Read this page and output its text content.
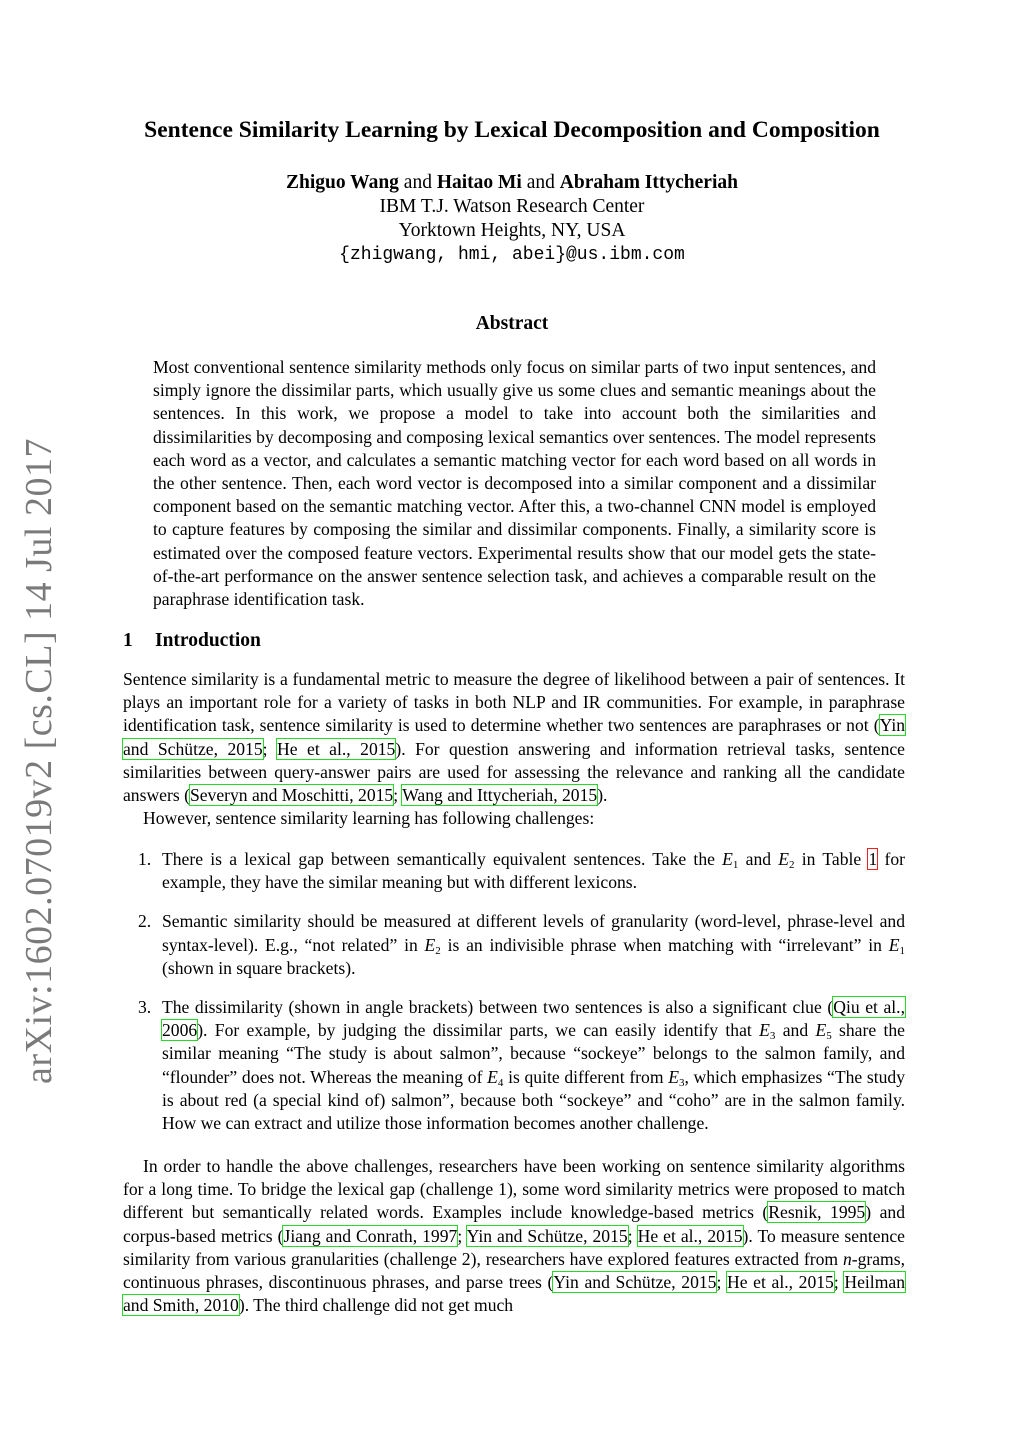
arXiv:1602.07019v2 [cs.CL] 14 Jul 2017
Sentence Similarity Learning by Lexical Decomposition and Composition
Zhiguo Wang and Haitao Mi and Abraham Ittycheriah
IBM T.J. Watson Research Center
Yorktown Heights, NY, USA
{zhigwang, hmi, abei}@us.ibm.com
Abstract
Most conventional sentence similarity methods only focus on similar parts of two input sentences, and simply ignore the dissimilar parts, which usually give us some clues and semantic meanings about the sentences. In this work, we propose a model to take into account both the similarities and dissimilarities by decomposing and composing lexical semantics over sentences. The model represents each word as a vector, and calculates a semantic matching vector for each word based on all words in the other sentence. Then, each word vector is decomposed into a similar component and a dissimilar component based on the semantic matching vector. After this, a two-channel CNN model is employed to capture features by composing the similar and dissimilar components. Finally, a similarity score is estimated over the composed feature vectors. Experimental results show that our model gets the state-of-the-art performance on the answer sentence selection task, and achieves a comparable result on the paraphrase identification task.
1 Introduction

Sentence similarity is a fundamental metric to measure the degree of likelihood between a pair of sentences. It plays an important role for a variety of tasks in both NLP and IR communities. For example, in paraphrase identification task, sentence similarity is used to determine whether two sentences are paraphrases or not (Yin and Schütze, 2015; He et al., 2015). For question answering and information retrieval tasks, sentence similarities between query-answer pairs are used for assessing the relevance and ranking all the candidate answers (Severyn and Moschitti, 2015; Wang and Ittycheriah, 2015).

However, sentence similarity learning has following challenges:

1. There is a lexical gap between semantically equivalent sentences. Take the $E_1$ and $E_2$ in Table 1 for example, they have the similar meaning but with different lexicons.
2. Semantic similarity should be measured at different levels of granularity (word-level, phrase-level and syntax-level). E.g., “not related” in $E_2$ is an indivisible phrase when matching with “irrelevant” in $E_1$ (shown in square brackets).
3. The dissimilarity (shown in angle brackets) between two sentences is also a significant clue (Qiu et al., 2006). For example, by judging the dissimilar parts, we can easily identify that $E_3$ and $E_5$ share the similar meaning “The study is about salmon”, because “sockeye” belongs to the salmon family, and “flounder” does not. Whereas the meaning of $E_4$ is quite different from $E_3$, which emphasizes “The study is about red (a special kind of) salmon”, because both “sockeye” and “coho” are in the salmon family. How we can extract and utilize those information becomes another challenge.

In order to handle the above challenges, researchers have been working on sentence similarity algorithms for a long time. To bridge the lexical gap (challenge 1), some word similarity metrics were proposed to match different but semantically related words. Examples include knowledge-based metrics (Resnik, 1995) and corpus-based metrics (Jiang and Conrath, 1997; Yin and Schütze, 2015; He et al., 2015). To measure sentence similarity from various granularities (challenge 2), researchers have explored features extracted from n-grams, continuous phrases, discontinuous phrases, and parse trees (Yin and Schütze, 2015; He et al., 2015; Heilman and Smith, 2010). The third challenge did not get much
